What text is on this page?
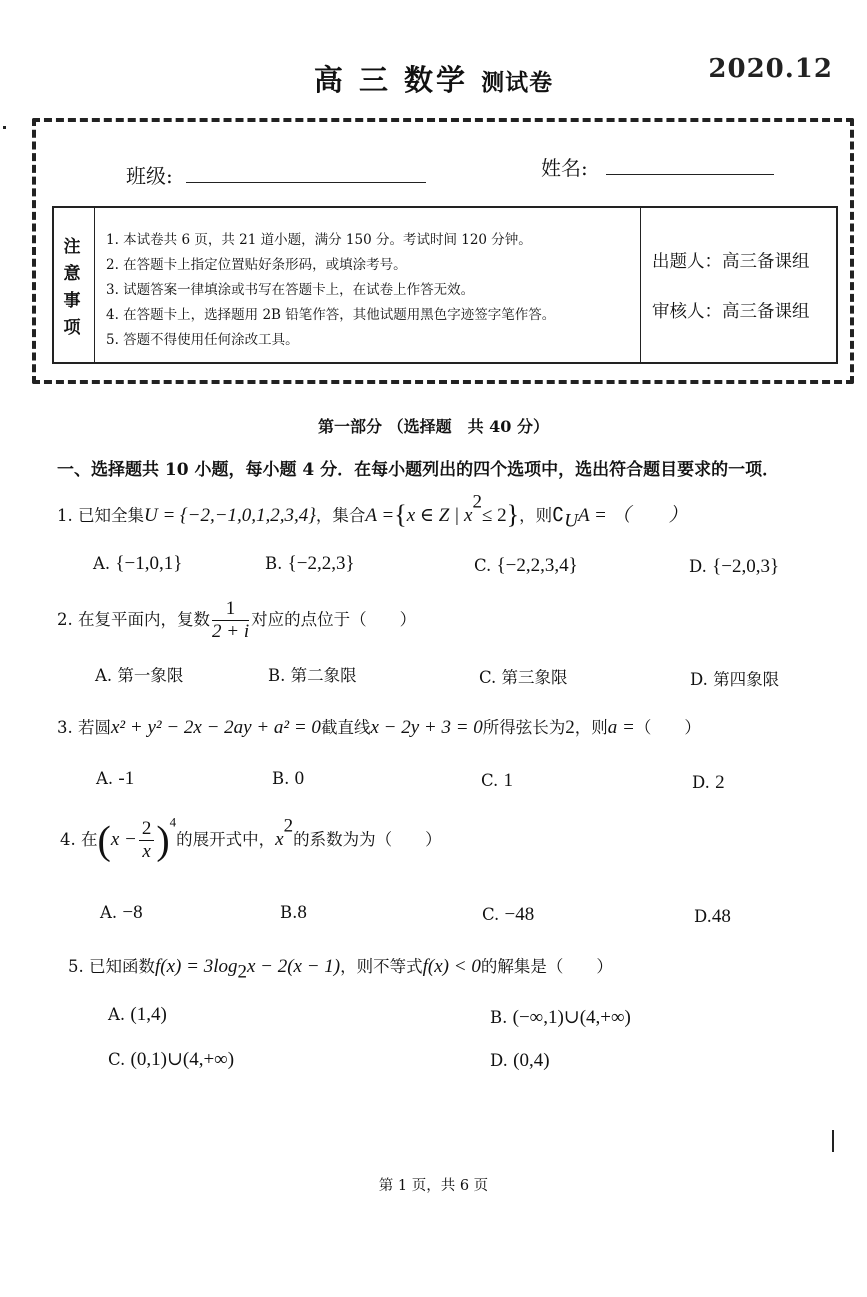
高 三 数学 测试卷	2020.12
班级:	姓名:
注意事项
1. 本试卷共 6 页，共 21 道小题，满分 150 分。考试时间 120 分钟。
2. 在答题卡上指定位置贴好条形码，或填涂考号。
3. 试题答案一律填涂或书写在答题卡上，在试卷上作答无效。
4. 在答题卡上，选择题用 2B 铅笔作答，其他试题用黑色字迹签字笔作答。
5. 答题不得使用任何涂改工具。
出题人：高三备课组
审核人：高三备课组
第一部分 （选择题　共 40 分）
一、选择题共 10 小题，每小题 4 分．在每小题列出的四个选项中，选出符合题目要求的一项．
1. 已知全集U = {−2,−1,0,1,2,3,4}，集合A ={x ∈ Z | $x^2\le 2$}，则$∁_UA$ = （　　）
A. {−1,0,1}	B. {−2,2,3}	C. {−2,2,3,4}	D. {−2,0,3}
2. 在复平面内，复数 $\frac{1}{2 + i}$ 对应的点位于（　　）
A. 第一象限	B. 第二象限	C. 第三象限	D. 第四象限
3. 若圆x² + y² − 2x − 2ay + a² = 0截直线x − 2y + 3 = 0所得弦长为2，则a =（　　）
A. -1	B. 0	C. 1	D. 2
4. 在$(x - \frac{2}{x} )^4$的展开式中，$x^2$的系数为为（　　）
A. −8	B.8	C. −48	D.48
5. 已知函数$f(x) = 3\log_2x - 2(x - 1)$，则不等式f(x) < 0的解集是（　　）
A. (1,4)	B. (−∞,1)∪(4,+∞)
C. (0,1)∪(4,+∞)	D. (0,4)
第 1 页，共 6 页
